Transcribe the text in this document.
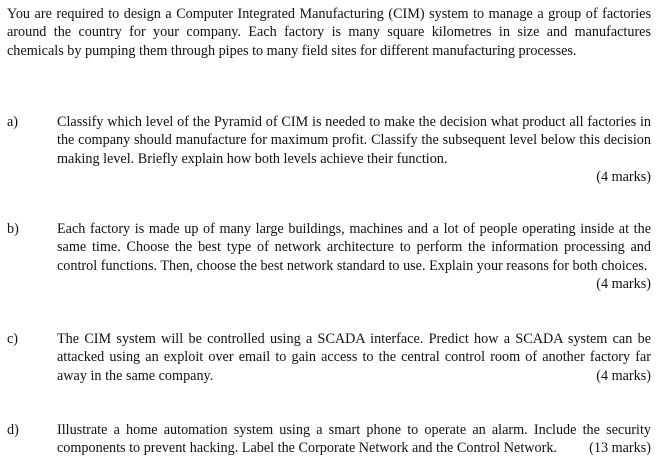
You are required to design a Computer Integrated Manufacturing (CIM) system to manage a group of factories around the country for your company. Each factory is many square kilometres in size and manufactures chemicals by pumping them through pipes to many field sites for different manufacturing processes.
a)	Classify which level of the Pyramid of CIM is needed to make the decision what product all factories in the company should manufacture for maximum profit. Classify the subsequent level below this decision making level. Briefly explain how both levels achieve their function.
(4 marks)
b)	Each factory is made up of many large buildings, machines and a lot of people operating inside at the same time. Choose the best type of network architecture to perform the information processing and control functions. Then, choose the best network standard to use. Explain your reasons for both choices.
(4 marks)
c)	The CIM system will be controlled using a SCADA interface. Predict how a SCADA system can be attacked using an exploit over email to gain access to the central control room of another factory far away in the same company.	(4 marks)
d)	Illustrate a home automation system using a smart phone to operate an alarm. Include the security components to prevent hacking. Label the Corporate Network and the Control Network. (13 marks)
